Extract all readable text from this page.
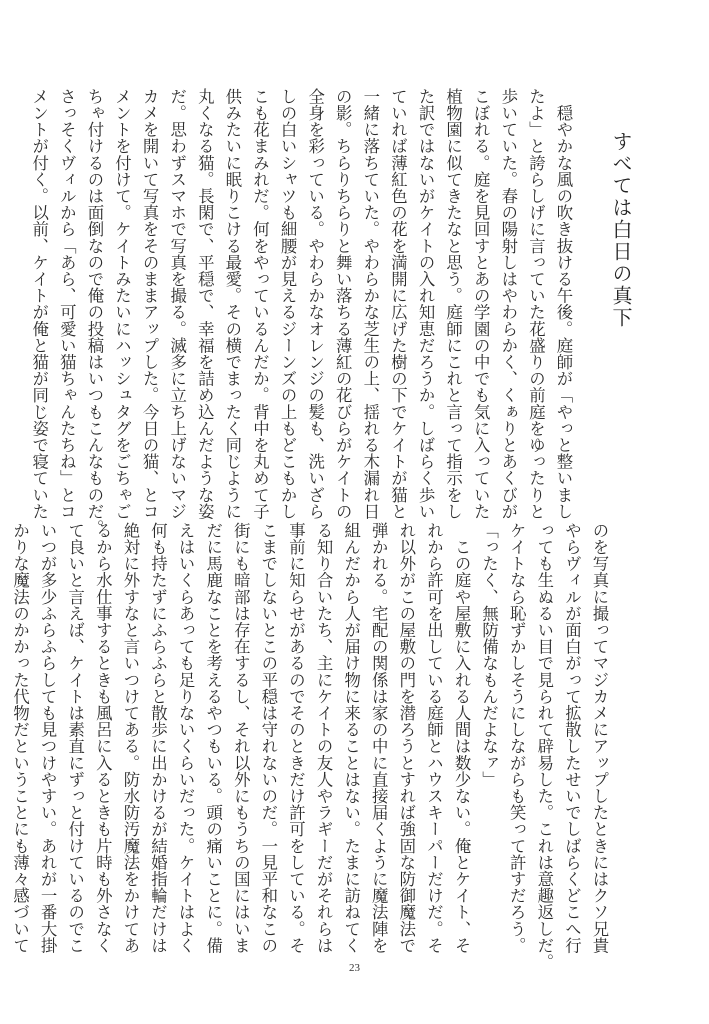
すべては白日の真下
　穏やかな風の吹き抜ける午後。庭師が「やっと整いまし
たよ」と誇らしげに言っていた花盛りの前庭をゆったりと
歩いていた。春の陽射しはやわらかく、くぁりとあくびが
こぼれる。庭を見回すとあの学園の中でも気に入っていた
植物園に似てきたなと思う。庭師にこれと言って指示をし
た訳ではないがケイトの入れ知恵だろうか。しばらく歩い
ていれば薄紅色の花を満開に広げた樹の下でケイトが猫と
一緒に落ちていた。やわらかな芝生の上、揺れる木漏れ日
の影。ちらりちらりと舞い落ちる薄紅の花びらがケイトの
全身を彩っている。やわらかなオレンジの髪も、洗いざら
しの白いシャツも細腰が見えるジーンズの上もどこもかし
こも花まみれだ。何をやっているんだか。背中を丸めて子
供みたいに眠りこける最愛。その横でまったく同じように
丸くなる猫。長閑で、平穏で、幸福を詰め込んだような姿
だ。思わずスマホで写真を撮る。滅多に立ち上げないマジ
カメを開いて写真をそのままアップした。今日の猫、とコ
メントを付けて。ケイトみたいにハッシュタグをごちゃご
ちゃ付けるのは面倒なので俺の投稿はいつもこんなものだ。
さっそくヴィルから「あら、可愛い猫ちゃんたちね」とコ
メントが付く。以前、ケイトが俺と猫が同じ姿で寝ていた
のを写真に撮ってマジカメにアップしたときにはクソ兄貴
やらヴィルが面白がって拡散したせいでしばらくどこへ行
っても生ぬるい目で見られて辟易した。これは意趣返しだ。
ケイトなら恥ずかしそうにしながらも笑って許すだろう。
「ったく、無防備なもんだよなァ」
　この庭や屋敷に入れる人間は数少ない。俺とケイト、そ
れから許可を出している庭師とハウスキーパーだけだ。そ
れ以外がこの屋敷の門を潜ろうとすれば強固な防御魔法で
弾かれる。宅配の関係は家の中に直接届くように魔法陣を
組んだから人が届け物に来ることはない。たまに訪ねてく
る知り合いたち、主にケイトの友人やラギーだがそれらは
事前に知らせがあるのでそのときだけ許可をしている。そ
こまでしないとこの平穏は守れないのだ。一見平和なこの
街にも暗部は存在するし、それ以外にもうちの国にはいま
だに馬鹿なことを考えるやつもいる。頭の痛いことに。備
えはいくらあっても足りないくらいだった。ケイトはよく
何も持たずにふらふらと散歩に出かけるが結婚指輪だけは
絶対に外すなと言いつけてある。防水防汚魔法をかけてあ
るから水仕事するときも風呂に入るときも片時も外さなく
て良いと言えば、ケイトは素直にずっと付けているのでこ
いつが多少ふらふらしても見つけやすい。あれが一番大掛
かりな魔法のかかった代物だということにも薄々感づいて
23
